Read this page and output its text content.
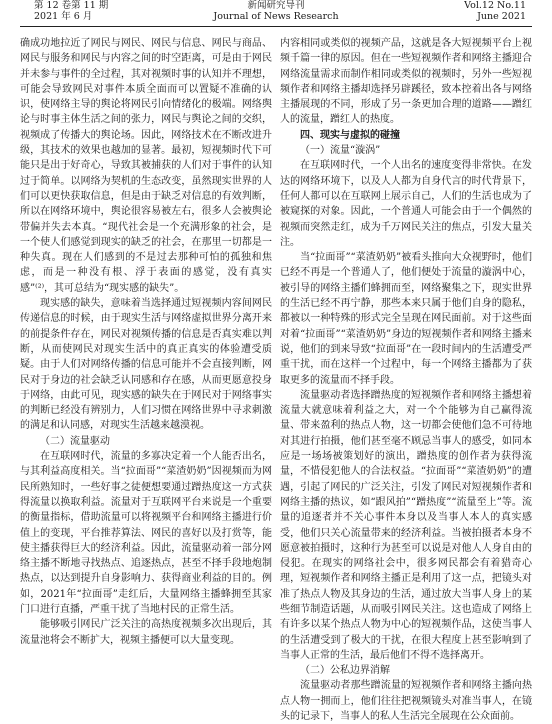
第 12 卷第 11 期
2021 年 6 月
新闻研究导刊
Journal of News Research
Vol.12 No.11
June 2021

确成功地拉近了网民与网民、网民与信息、网民与商品、网民与服务和网民与内容之间的时空距离，可是由于网民并未参与事件的全过程，其对视频时事的认知并不理想，可能会导致网民对事件本质全面而可以置疑不准确的认识，使网络主导的舆论将网民引向情绪化的极端。网络舆论与时事主体生活之间的张力，网民与舆论之间的交织，视频成了传播大的舆论场。因此，网络技术在不断改进升级，其技术的效果也越加的显著。最初，短视频时代下可能只是出于好奇心，导致其被捕获的人们对于事件的认知过于简单。以网络为契机的生态改变，虽然现实世界的人们可以更快获取信息，但是由于缺乏对信息的有效判断，所以在网络环境中，舆论很容易被左右，很多人会被舆论带偏并失去本真。“现代社会是一个充满形象的社会，是一个使人们感觉到现实的缺乏的社会，在那里一切都是一种失真。现在人们感到的不是过去那种可怕的孤独和焦虑，而是一种没有根、浮于表面的感觉，没有真实感”⁽²⁾，其可总结为“现实感的缺失”。

现实感的缺失，意味着当选择通过短视频内容间网民传递信息的时候，由于现实生活与网络虚拟世界分离开来的前提条件存在，网民对视频传播的信息是否真实难以判断，从而使网民对现实生活中的真正真实的体验遭受质疑。由于人们对网络传播的信息可能并不会直接判断，网民对于身边的社会缺乏认同感和存在感，从而更愿意投身于网络，由此可见，现实感的缺失在于网民对于网络事实的判断已经没有辨别力，人们习惯在网络世界中寻求刺激的满足和认同感，对现实生活越来越漠视。

（二）流量驱动

在互联网时代，流量的多寡决定着一个人能否出名，与其利益高度相关。当“拉面哥”“菜渣奶奶”因视频而为网民所熟知时，一些好事之徒便想要通过蹭热度这一方式获得流量以换取利益。流量对于互联网平台来说是一个重要的衡量指标，借助流量可以将视频平台和网络主播进行价值上的变现，平台推荐算法、网民的喜好以及打赏等，能使主播获得巨大的经济利益。因此，流量驱动着一部分网络主播不断地寻找热点、追逐热点，甚至不择手段地炮制热点，以达到提升自身影响力、获得商业利益的目的。例如，2021年“拉面哥”走红后，大量网络主播蜂拥至其家门口进行直播，严重干扰了当地村民的正常生活。

能够吸引网民广泛关注的高热度视频多次出现后，其流量池将会不断扩大，视频主播便可以大量变现。

内容相同或类似的视频产品，这就是各大短视频平台上视频千篇一律的原因。但在一些短视频作者和网络主播迎合网络流量需求而制作相同或类似的视频时，另外一些短视频作者和网络主播却选择另辟蹊径，致本控着出各与网络主播展现的不同，形成了另一条更加合理的道路——蹭红人的流量，蹭红人的热度。

四、现实与虚拟的碰撞

（一）流量“漩涡”

在互联网时代，一个人出名的速度变得非常快。在发达的网络环境下，以及人人都为自身代言的时代背景下，任何人都可以在互联网上展示自己，人们的生活也成为了被窥探的对象。因此，一个普通人可能会由于一个偶然的视频而突然走红，成为千万网民关注的焦点，引发大量关注。

当“拉面哥”“菜渣奶奶”被看头推向大众视野时，他们已经不再是一个普通人了，他们便处于流量的漩涡中心，被引导的网络主播们蜂拥而至，网络聚集之下，现实世界的生活已经不再宁静，那些本来只属于他们自身的隐私，都被以一种特殊的形式完全呈现在网民面前。对于这些面对着“拉面哥”“菜渣奶奶”身边的短视频作者和网络主播来说，他们的到来导致“拉面哥”在一段时间内的生活遭受严重干扰，而在这样一个过程中，每一个网络主播都为了获取更多的流量而不择手段。

流量驱动者选择蹭热度的短视频作者和网络主播想着流量大就意味着利益之大，对一个个能够为自己赢得流量、带来盈利的热点人物，这一切都会使他们急不可待地对其进行拍摄，他们甚至毫不顾忌当事人的感受，如同本应是一场场被策划好的演出，蹭热度的创作者为获得流量，不惜侵犯他人的合法权益。“拉面哥”“菜渣奶奶”的遭遇，引起了网民的广泛关注，引发了网民对短视频作者和网络主播的热议，如“跟风拍”“蹭热度”“流量至上”等。流量的追逐者并不关心事件本身以及当事人本人的真实感受，他们只关心流量带来的经济利益。当被拍摄者本身不愿意被拍摄时，这种行为甚至可以说是对他人人身自由的侵犯。在现实的网络社会中，很多网民都会有着猎奇心理，短视频作者和网络主播正是利用了这一点，把镜头对准了热点人物及其身边的生活，通过放大当事人身上的某些细节制造话题，从而吸引网民关注。这也造成了网络上有许多以某个热点人物为中心的短视频作品，这使当事人的生活遭受到了极大的干扰，在很大程度上甚至影响到了当事人正常的生活，最后他们不得不选择离开。

（二）公私边界消解

流量驱动者那些蹭流量的短视频作者和网络主播向热点人物一拥而上，他们往往把视频镜头对准当事人，在镜头的记录下，当事人的私人生活完全展现在公众面前。
